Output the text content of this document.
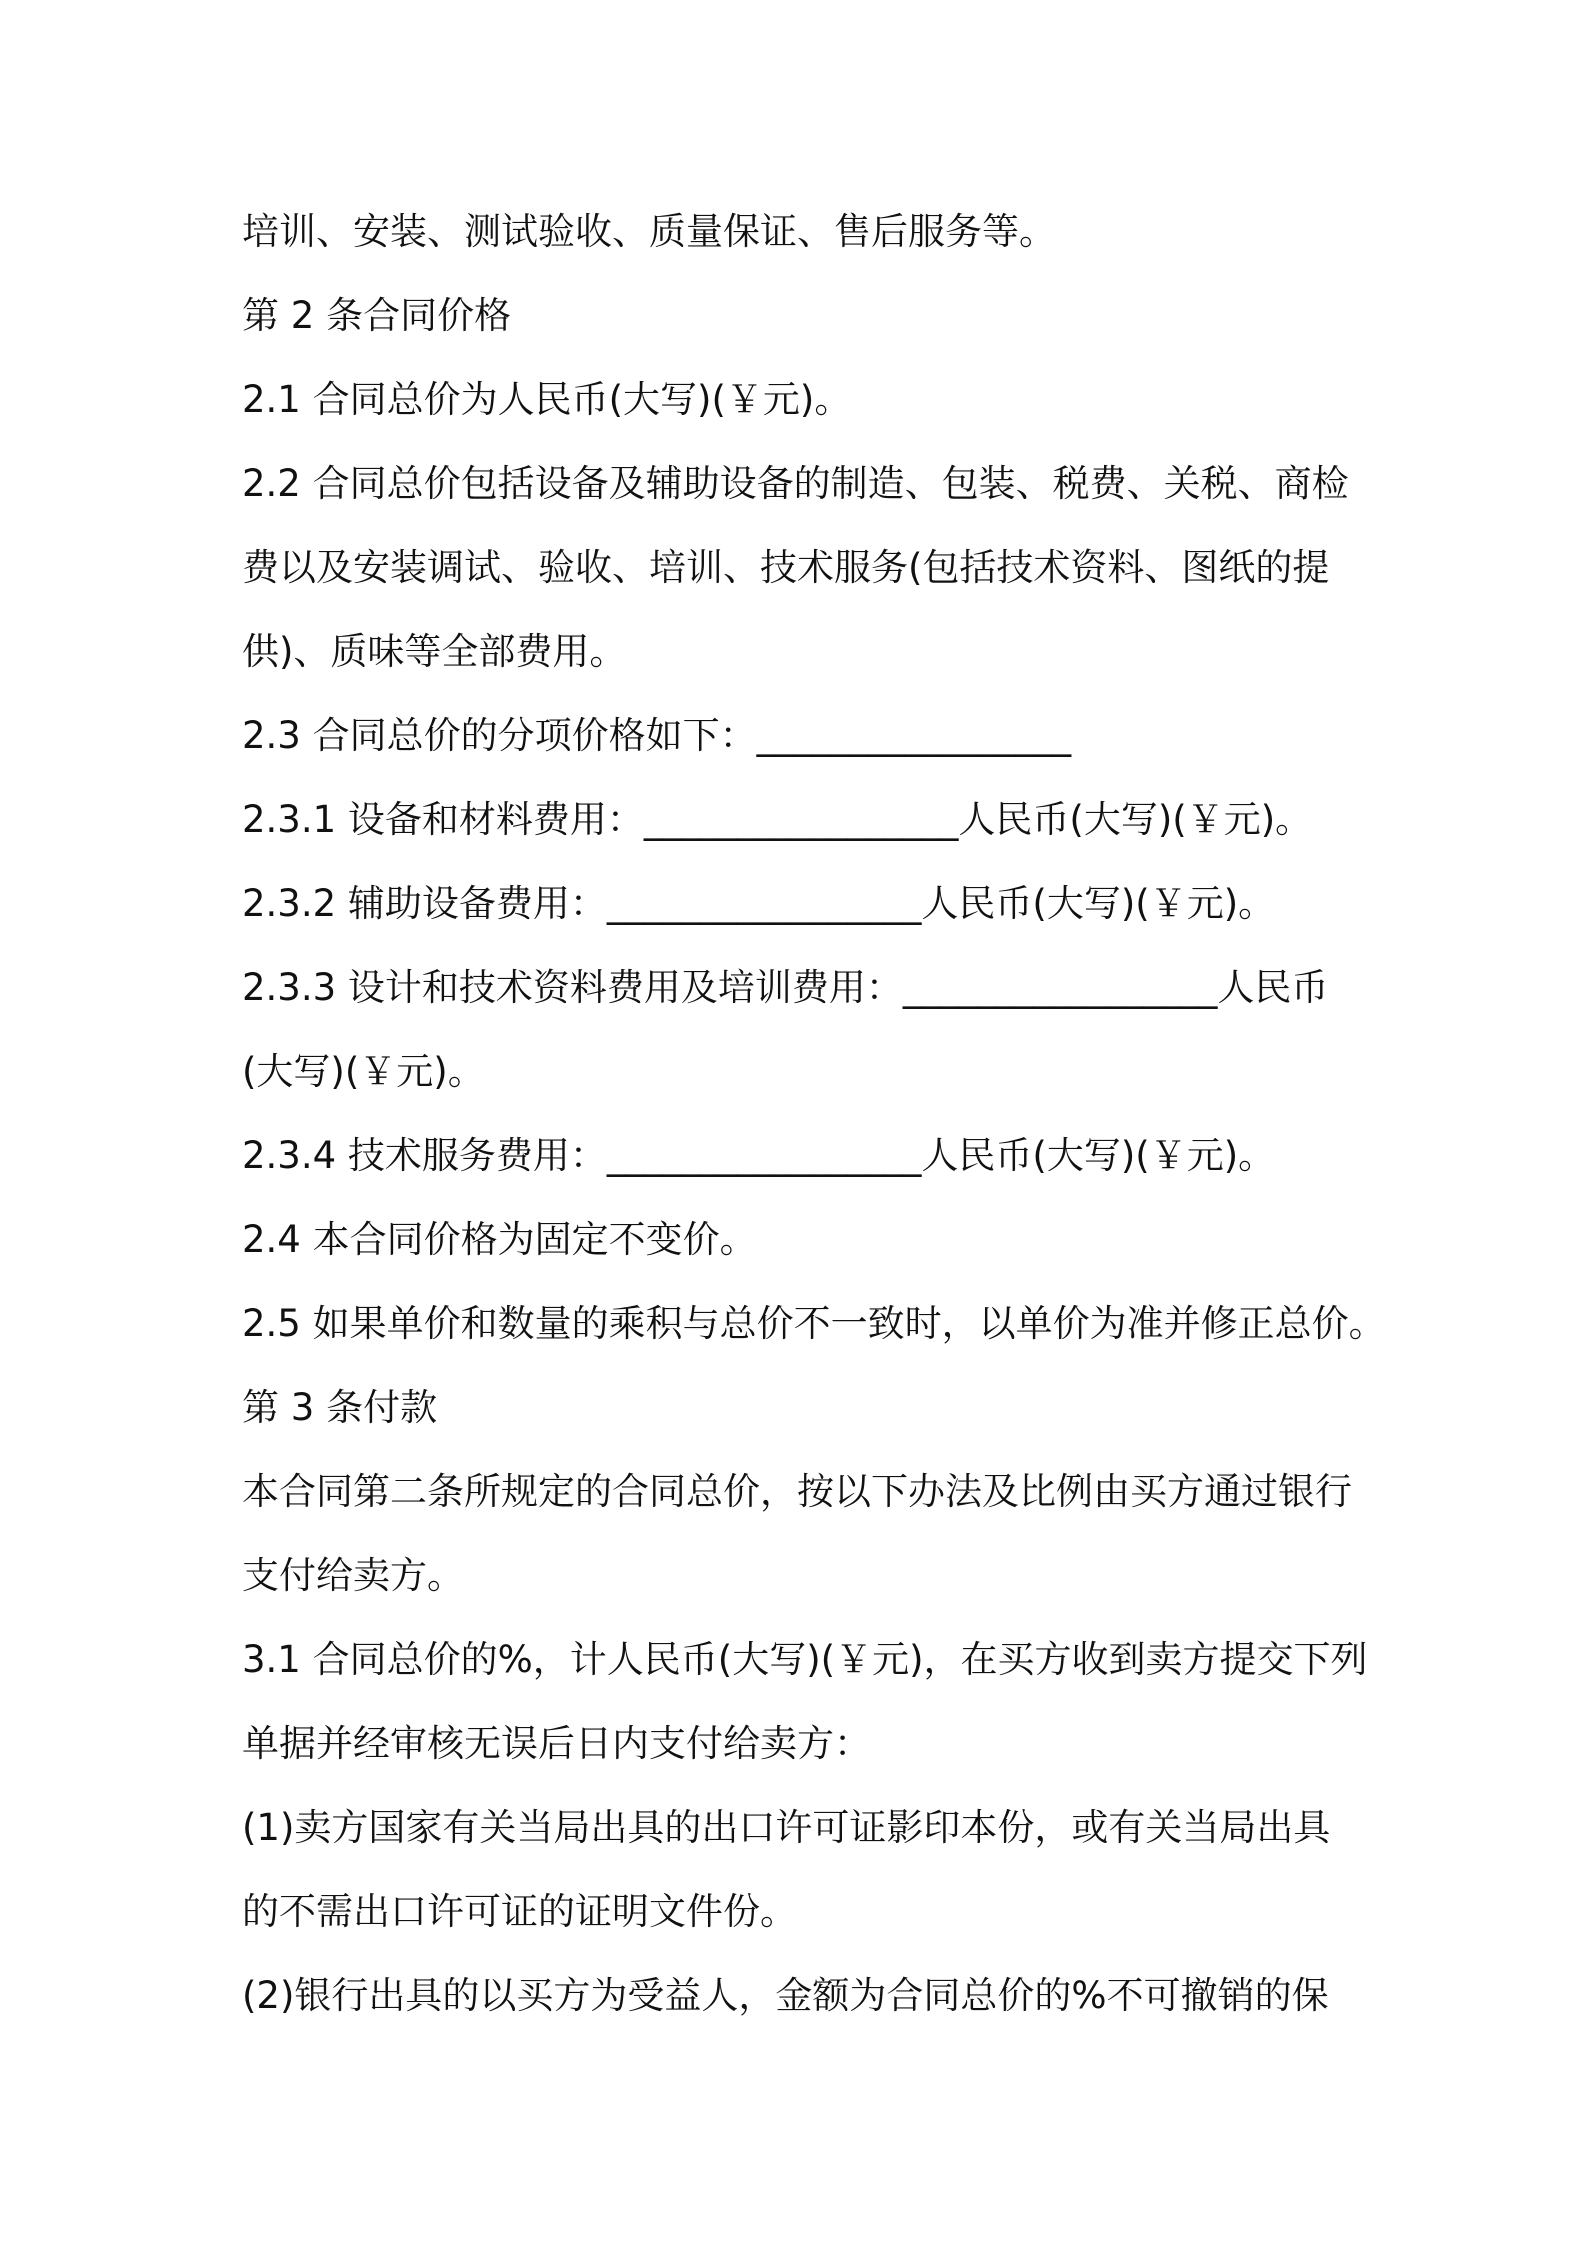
培训、安装、测试验收、质量保证、售后服务等。
第 2 条合同价格
2.1 合同总价为人民币(大写)(￥元)。
2.2 合同总价包括设备及辅助设备的制造、包装、税费、关税、商检
费以及安装调试、验收、培训、技术服务(包括技术资料、图纸的提
供)、质味等全部费用。
2.3 合同总价的分项价格如下：_________________
2.3.1 设备和材料费用：_________________人民币(大写)(￥元)。
2.3.2 辅助设备费用：_________________人民币(大写)(￥元)。
2.3.3 设计和技术资料费用及培训费用：_________________人民币
(大写)(￥元)。
2.3.4 技术服务费用：_________________人民币(大写)(￥元)。
2.4 本合同价格为固定不变价。
2.5 如果单价和数量的乘积与总价不一致时，以单价为准并修正总价。
第 3 条付款
本合同第二条所规定的合同总价，按以下办法及比例由买方通过银行
支付给卖方。
3.1 合同总价的%，计人民币(大写)(￥元)，在买方收到卖方提交下列
单据并经审核无误后日内支付给卖方：
(1)卖方国家有关当局出具的出口许可证影印本份，或有关当局出具
的不需出口许可证的证明文件份。
(2)银行出具的以买方为受益人，金额为合同总价的%不可撤销的保
